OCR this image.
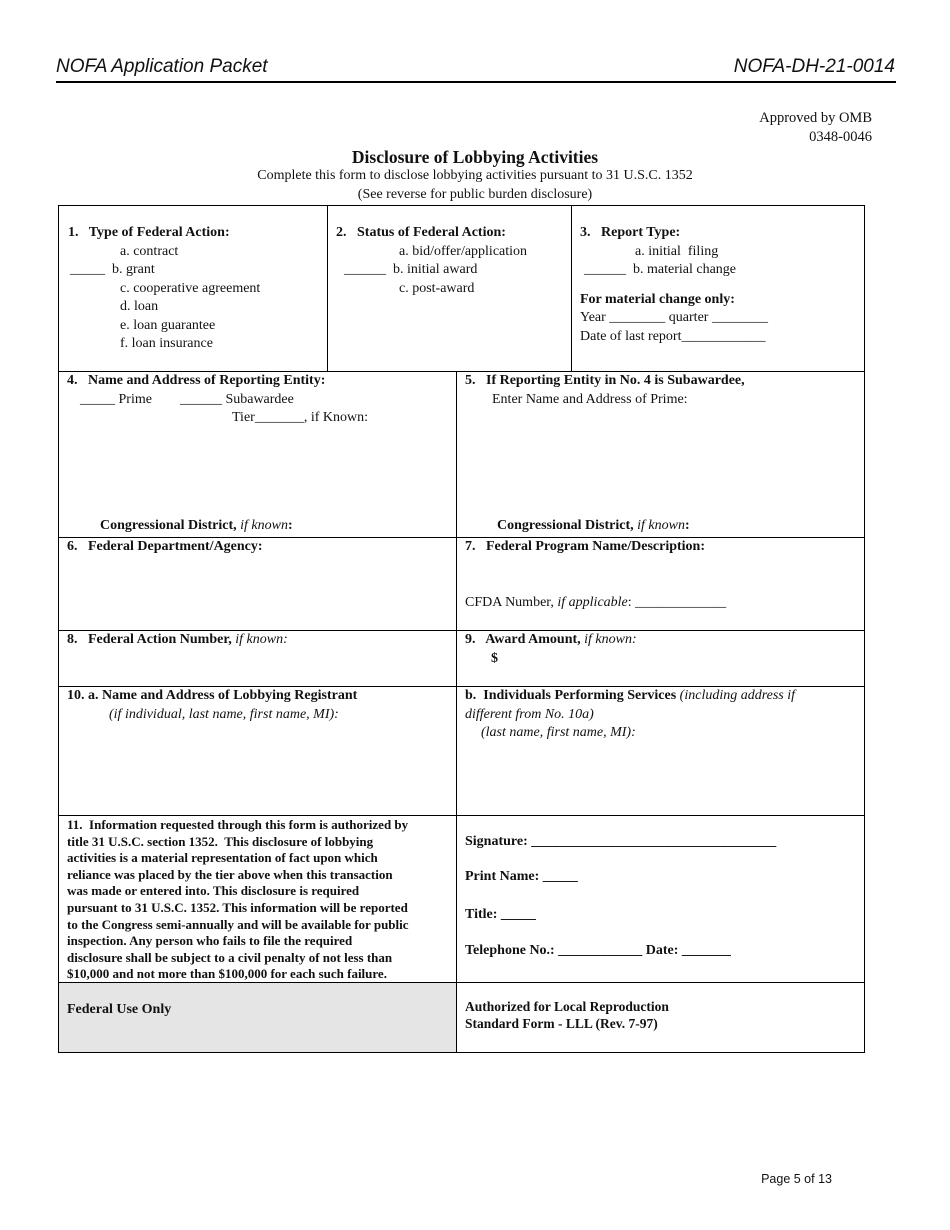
NOFA Application Packet	NOFA-DH-21-0014
Approved by OMB
0348-0046
Disclosure of Lobbying Activities
Complete this form to disclose lobbying activities pursuant to 31 U.S.C. 1352
(See reverse for public burden disclosure)
1.   Type of Federal Action:
a. contract
_____  b. grant
c. cooperative agreement
d. loan
e. loan guarantee
f. loan insurance
2.   Status of Federal Action:
a. bid/offer/application
______  b. initial award
c. post-award
3.   Report Type:
a. initial  filing
______  b. material change
For material change only:
Year ________ quarter ________
Date of last report____________
4.   Name and Address of Reporting Entity:
_____ Prime        ______ Subawardee
Tier_______, if Known:
Congressional District, if known:
5.   If Reporting Entity in No. 4 is Subawardee,
Enter Name and Address of Prime:
Congressional District, if known:
6.   Federal Department/Agency:	7.   Federal Program Name/Description:
CFDA Number, if applicable: _____________
8.   Federal Action Number, if known:	9.   Award Amount, if known:
$
10. a. Name and Address of Lobbying Registrant
(if individual, last name, first name, MI):
b.  Individuals Performing Services (including address if
different from No. 10a)
(last name, first name, MI):
11.  Information requested through this form is authorized by
title 31 U.S.C. section 1352.  This disclosure of lobbying
activities is a material representation of fact upon which
reliance was placed by the tier above when this transaction
was made or entered into. This disclosure is required
pursuant to 31 U.S.C. 1352. This information will be reported
to the Congress semi-annually and will be available for public
inspection. Any person who fails to file the required
disclosure shall be subject to a civil penalty of not less than
$10,000 and not more than $100,000 for each such failure.
Signature: ___________________________________
Print Name: _____
Title: _____
Telephone No.: ____________ Date: _______
Federal Use Only	Authorized for Local Reproduction
Standard Form - LLL (Rev. 7-97)
Page 5 of 13
